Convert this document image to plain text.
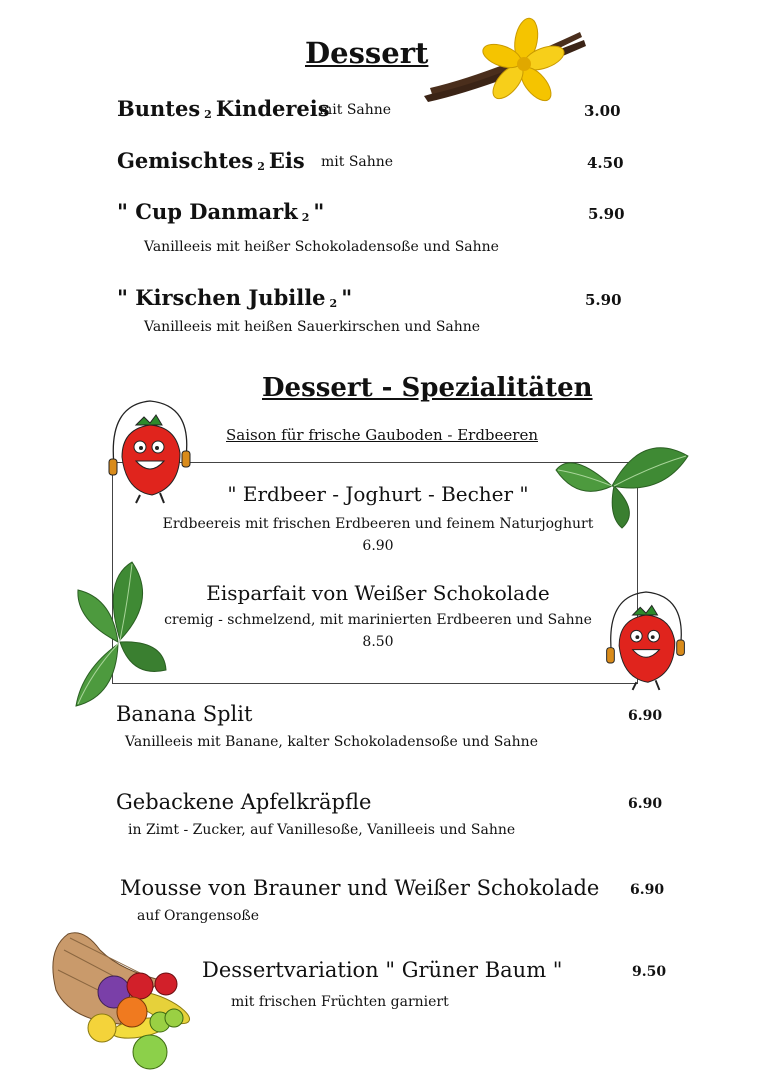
Dessert
Buntes 2 Kindereis
mit Sahne	3.00
Gemischtes 2 Eis mit Sahne	4.50
" Cup Danmark 2 "	5.90
Vanilleeis mit heißer Schokoladensoße und Sahne
" Kirschen Jubille 2 "	5.90
Vanilleeis mit heißen Sauerkirschen und Sahne
Dessert - Spezialitäten
Saison für frische Gauboden - Erdbeeren
" Erdbeer - Joghurt - Becher "
Erdbeereis mit frischen Erdbeeren und feinem Naturjoghurt
6.90
Eisparfait von Weißer Schokolade
cremig - schmelzend, mit marinierten Erdbeeren und Sahne
8.50
Banana Split	6.90
Vanilleeis mit Banane, kalter Schokoladensoße und Sahne
Gebackene Apfelkräpfle	6.90
in Zimt - Zucker, auf Vanillesoße, Vanilleeis und Sahne
Mousse von Brauner und Weißer Schokolade 6.90
auf Orangensoße
Dessertvariation " Grüner Baum "	9.50
mit frischen Früchten garniert
